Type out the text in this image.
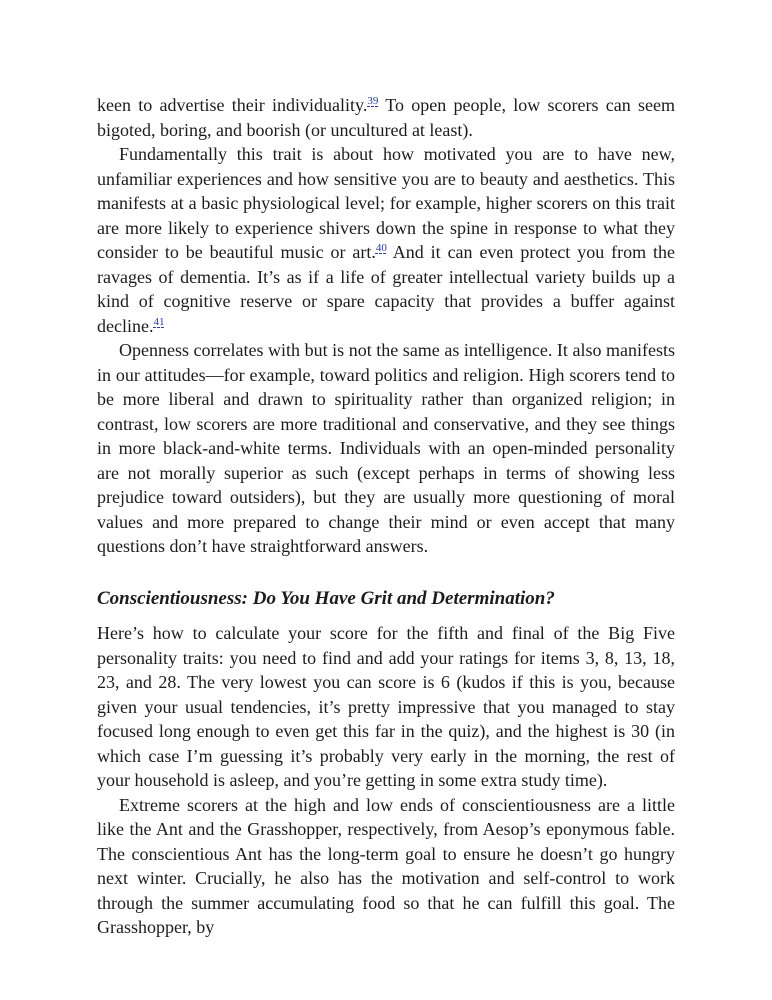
keen to advertise their individuality.$^{39}$ To open people, low scorers can seem bigoted, boring, and boorish (or uncultured at least).

Fundamentally this trait is about how motivated you are to have new, unfamiliar experiences and how sensitive you are to beauty and aesthetics. This manifests at a basic physiological level; for example, higher scorers on this trait are more likely to experience shivers down the spine in response to what they consider to be beautiful music or art.$^{40}$ And it can even protect you from the ravages of dementia. It’s as if a life of greater intellectual variety builds up a kind of cognitive reserve or spare capacity that provides a buffer against decline.$^{41}$

Openness correlates with but is not the same as intelligence. It also manifests in our attitudes—for example, toward politics and religion. High scorers tend to be more liberal and drawn to spirituality rather than organized religion; in contrast, low scorers are more traditional and conservative, and they see things in more black-and-white terms. Individuals with an open-minded personality are not morally superior as such (except perhaps in terms of showing less prejudice toward outsiders), but they are usually more questioning of moral values and more prepared to change their mind or even accept that many questions don’t have straightforward answers.

Conscientiousness: Do You Have Grit and Determination?

Here’s how to calculate your score for the fifth and final of the Big Five personality traits: you need to find and add your ratings for items 3, 8, 13, 18, 23, and 28. The very lowest you can score is 6 (kudos if this is you, because given your usual tendencies, it’s pretty impressive that you managed to stay focused long enough to even get this far in the quiz), and the highest is 30 (in which case I’m guessing it’s probably very early in the morning, the rest of your household is asleep, and you’re getting in some extra study time).

Extreme scorers at the high and low ends of conscientiousness are a little like the Ant and the Grasshopper, respectively, from Aesop’s eponymous fable. The conscientious Ant has the long-term goal to ensure he doesn’t go hungry next winter. Crucially, he also has the motivation and self-control to work through the summer accumulating food so that he can fulfill this goal. The Grasshopper, by
